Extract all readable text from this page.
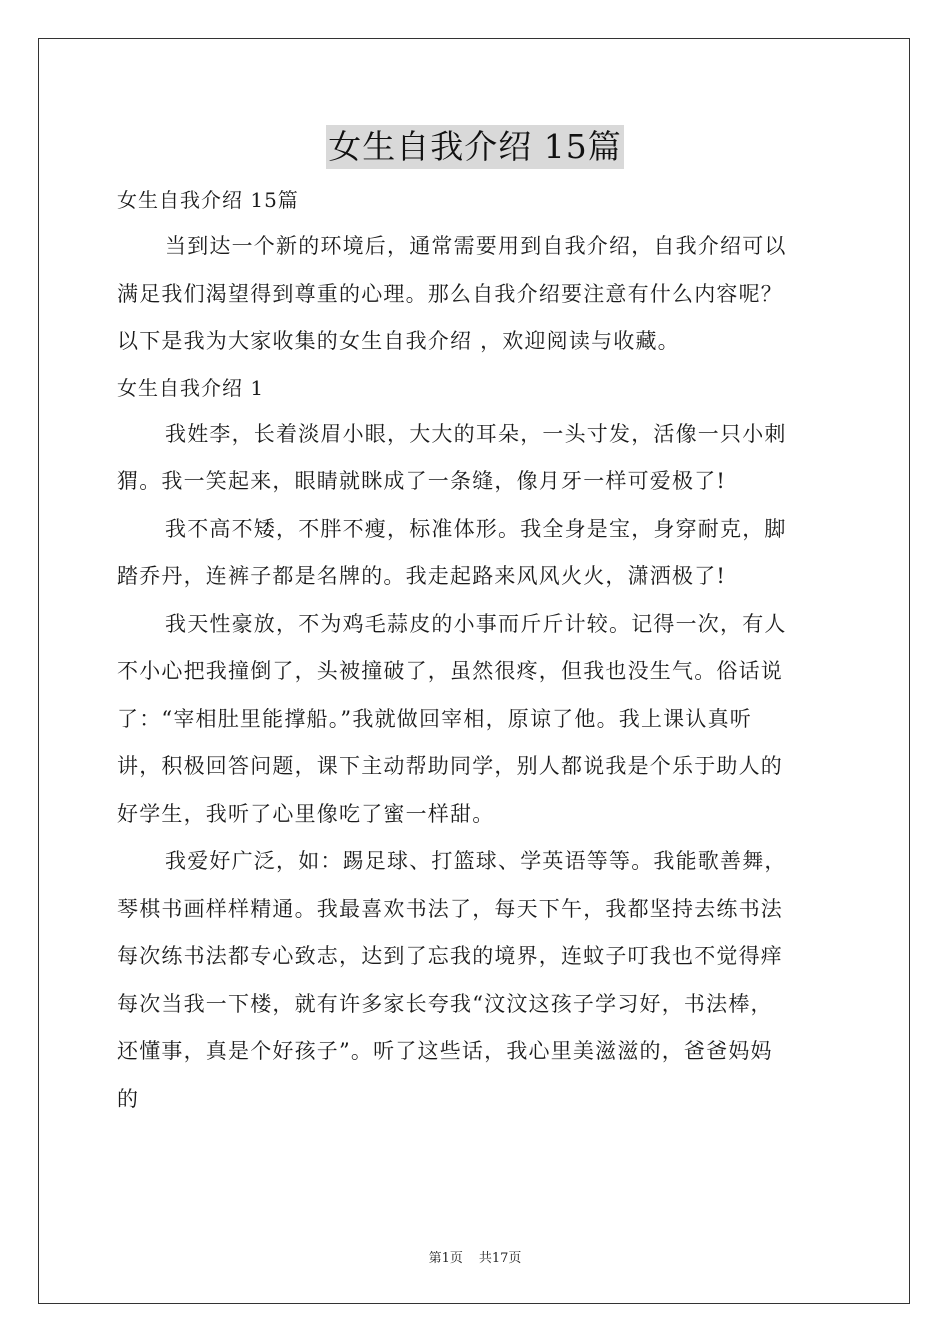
女生自我介绍 15篇
女生自我介绍 15篇
当到达一个新的环境后，通常需要用到自我介绍，自我介绍可以
满足我们渴望得到尊重的心理。那么自我介绍要注意有什么内容呢？
以下是我为大家收集的女生自我介绍 ，欢迎阅读与收藏。
女生自我介绍 1
我姓李，长着淡眉小眼，大大的耳朵，一头寸发，活像一只小刺
猬。我一笑起来，眼睛就眯成了一条缝，像月牙一样可爱极了!
我不高不矮，不胖不瘦，标准体形。我全身是宝，身穿耐克，脚
踏乔丹，连裤子都是名牌的。我走起路来风风火火，潇洒极了!
我天性豪放，不为鸡毛蒜皮的小事而斤斤计较。记得一次，有人
不小心把我撞倒了，头被撞破了，虽然很疼，但我也没生气。俗话说
了：“宰相肚里能撑船。”我就做回宰相，原谅了他。我上课认真听
讲，积极回答问题，课下主动帮助同学，别人都说我是个乐于助人的
好学生，我听了心里像吃了蜜一样甜。
我爱好广泛，如：踢足球、打篮球、学英语等等。我能歌善舞，
琴棋书画样样精通。我最喜欢书法了，每天下午，我都坚持去练书法
每次练书法都专心致志，达到了忘我的境界，连蚊子叮我也不觉得痒
每次当我一下楼，就有许多家长夸我“汶汶这孩子学习好，书法棒，
还懂事，真是个好孩子”。听了这些话，我心里美滋滋的，爸爸妈妈
的
第1页 共17页
